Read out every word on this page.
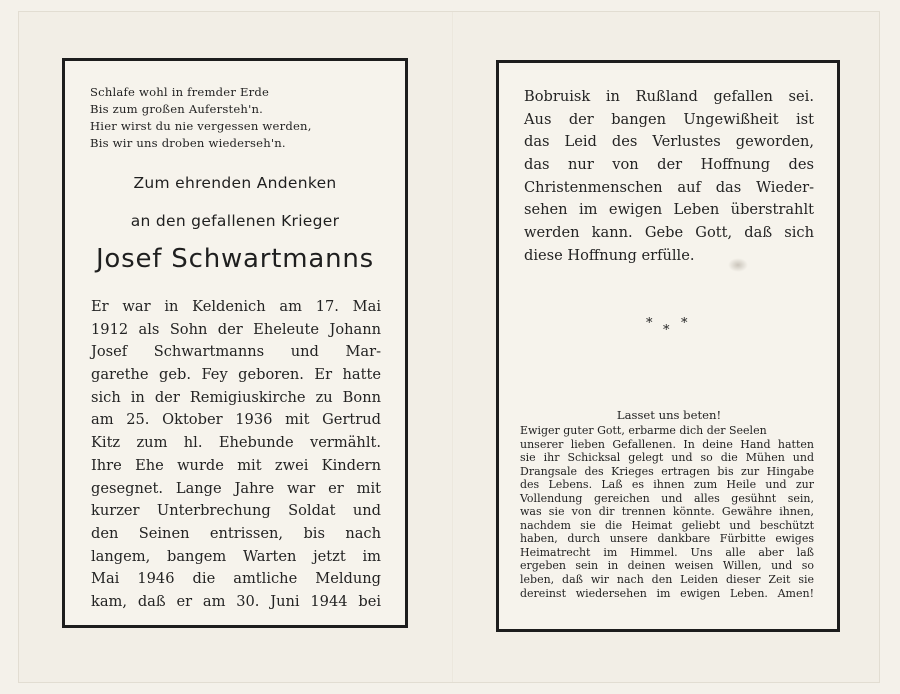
Schlafe wohl in fremder Erde
Bis zum großen Aufersteh'n.
Hier wirst du nie vergessen werden,
Bis wir uns droben wiederseh'n.
Zum ehrenden Andenken
an den gefallenen Krieger
Josef Schwartmanns
Er war in Keldenich am 17. Mai
1912 als Sohn der Eheleute Johann
Josef Schwartmanns und Mar-
garethe geb. Fey geboren. Er hatte
sich in der Remigiuskirche zu Bonn
am 25. Oktober 1936 mit Gertrud
Kitz zum hl. Ehebunde vermählt.
Ihre Ehe wurde mit zwei Kindern
gesegnet. Lange Jahre war er mit
kurzer Unterbrechung Soldat und
den Seinen entrissen, bis nach
langem, bangem Warten jetzt im
Mai 1946 die amtliche Meldung
kam, daß er am 30. Juni 1944 bei
Bobruisk in Rußland gefallen sei.
Aus der bangen Ungewißheit ist
das Leid des Verlustes geworden,
das nur von der Hoffnung des
Christenmenschen auf das Wieder-
sehen im ewigen Leben überstrahlt
werden kann. Gebe Gott, daß sich
diese Hoffnung erfülle.
* * *
Lasset uns beten!
Ewiger guter Gott, erbarme dich der Seelen
unserer lieben Gefallenen. In deine Hand hatten
sie ihr Schicksal gelegt und so die Mühen und
Drangsale des Krieges ertragen bis zur Hingabe
des Lebens. Laß es ihnen zum Heile und zur
Vollendung gereichen und alles gesühnt sein,
was sie von dir trennen könnte. Gewähre ihnen,
nachdem sie die Heimat geliebt und beschützt
haben, durch unsere dankbare Fürbitte ewiges
Heimatrecht im Himmel. Uns alle aber laß
ergeben sein in deinen weisen Willen, und so
leben, daß wir nach den Leiden dieser Zeit sie
dereinst wiedersehen im ewigen Leben. Amen!
